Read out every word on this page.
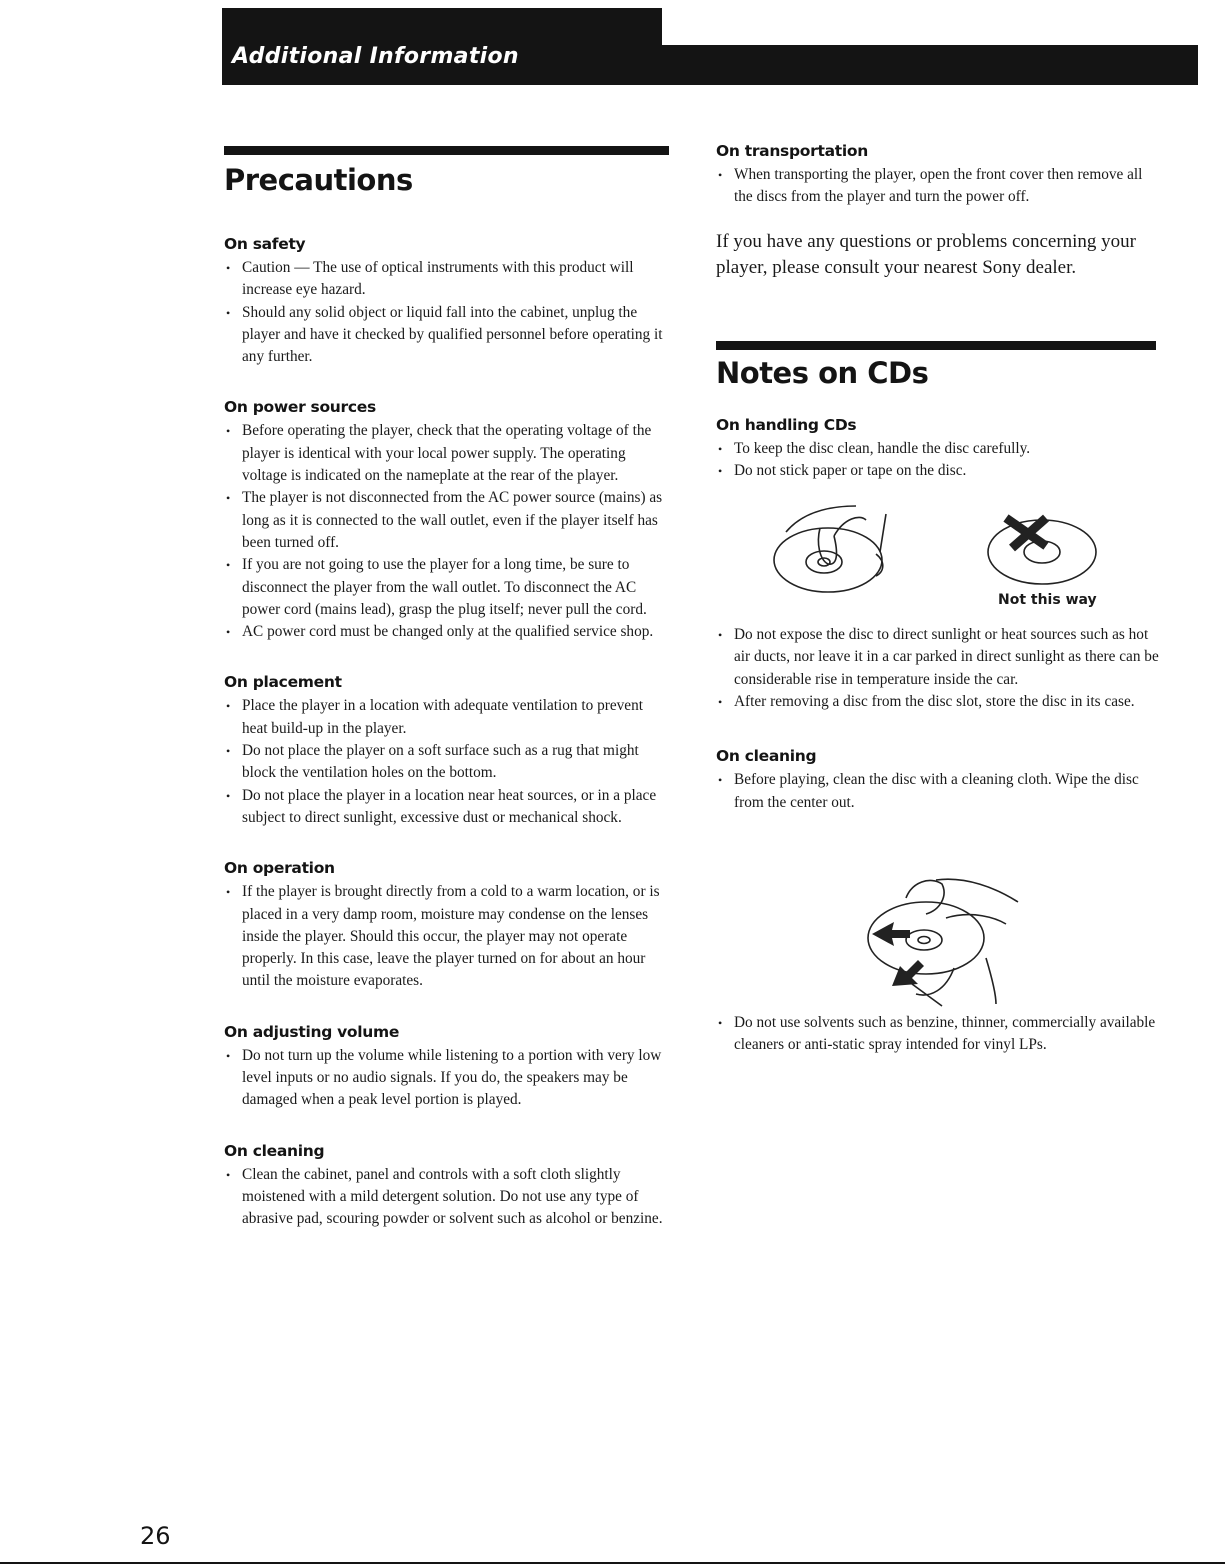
Additional Information
Precautions
On safety
• Caution — The use of optical instruments with this product will increase eye hazard.
• Should any solid object or liquid fall into the cabinet, unplug the player and have it checked by qualified personnel before operating it any further.
On power sources
• Before operating the player, check that the operating voltage of the player is identical with your local power supply. The operating voltage is indicated on the nameplate at the rear of the player.
• The player is not disconnected from the AC power source (mains) as long as it is connected to the wall outlet, even if the player itself has been turned off.
• If you are not going to use the player for a long time, be sure to disconnect the player from the wall outlet. To disconnect the AC power cord (mains lead), grasp the plug itself; never pull the cord.
• AC power cord must be changed only at the qualified service shop.
On placement
• Place the player in a location with adequate ventilation to prevent heat build-up in the player.
• Do not place the player on a soft surface such as a rug that might block the ventilation holes on the bottom.
• Do not place the player in a location near heat sources, or in a place subject to direct sunlight, excessive dust or mechanical shock.
On operation
• If the player is brought directly from a cold to a warm location, or is placed in a very damp room, moisture may condense on the lenses inside the player. Should this occur, the player may not operate properly. In this case, leave the player turned on for about an hour until the moisture evaporates.
On adjusting volume
• Do not turn up the volume while listening to a portion with very low level inputs or no audio signals. If you do, the speakers may be damaged when a peak level portion is played.
On cleaning
• Clean the cabinet, panel and controls with a soft cloth slightly moistened with a mild detergent solution. Do not use any type of abrasive pad, scouring powder or solvent such as alcohol or benzine.
On transportation
• When transporting the player, open the front cover then remove all the discs from the player and turn the power off.
If you have any questions or problems concerning your player, please consult your nearest Sony dealer.
Notes on CDs
On handling CDs
• To keep the disc clean, handle the disc carefully.
• Do not stick paper or tape on the disc.
Not this way
• Do not expose the disc to direct sunlight or heat sources such as hot air ducts, nor leave it in a car parked in direct sunlight as there can be considerable rise in temperature inside the car.
• After removing a disc from the disc slot, store the disc in its case.
On cleaning
• Before playing, clean the disc with a cleaning cloth. Wipe the disc from the center out.
• Do not use solvents such as benzine, thinner, commercially available cleaners or anti-static spray intended for vinyl LPs.
26
